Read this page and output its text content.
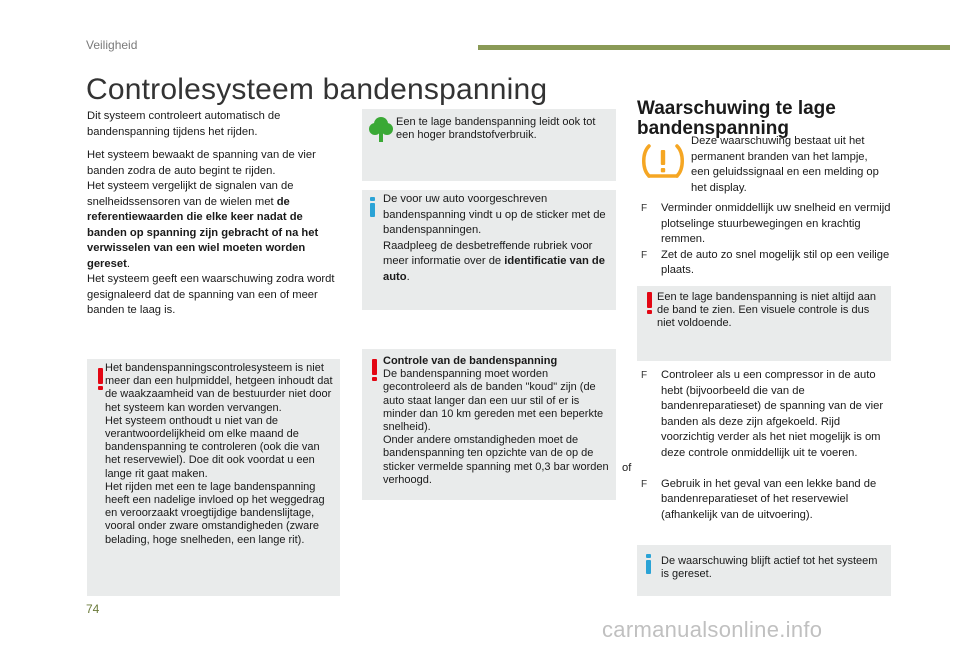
Veiligheid
Controlesysteem bandenspanning

Dit systeem controleert automatisch de bandenspanning tijdens het rijden.

Het systeem bewaakt de spanning van de vier banden zodra de auto begint te rijden.
Het systeem vergelijkt de signalen van de snelheidssensoren van de wielen met de referentiewaarden die elke keer nadat de banden op spanning zijn gebracht of na het verwisselen van een wiel moeten worden gereset.
Het systeem geeft een waarschuwing zodra wordt gesignaleerd dat de spanning van een of meer banden te laag is.

Het bandenspanningscontrolesysteem is niet meer dan een hulpmiddel, hetgeen inhoudt dat de waakzaamheid van de bestuurder niet door het systeem kan worden vervangen.

Het systeem onthoudt u niet van de verantwoordelijkheid om elke maand de bandenspanning te controleren (ook die van het reservewiel). Doe dit ook voordat u een lange rit gaat maken.

Het rijden met een te lage bandenspanning heeft een nadelige invloed op het weggedrag en veroorzaakt vroegtijdige bandenslijtage, vooral onder zware omstandigheden (zware belading, hoge snelheden, een lange rit).

Een te lage bandenspanning leidt ook tot een hoger brandstofverbruik.

De voor uw auto voorgeschreven bandenspanning vindt u op de sticker met de bandenspanningen.
Raadpleeg de desbetreffende rubriek voor meer informatie over de identificatie van de auto.

Controle van de bandenspanning

De bandenspanning moet worden gecontroleerd als de banden "koud" zijn (de auto staat langer dan een uur stil of er is minder dan 10 km gereden met een beperkte snelheid).

Onder andere omstandigheden moet de bandenspanning ten opzichte van de op de sticker vermelde spanning met 0,3 bar worden verhoogd.

Waarschuwing te lage bandenspanning

Deze waarschuwing bestaat uit het permanent branden van het lampje, een geluidssignaal en een melding op het display.

F Verminder onmiddellijk uw snelheid en vermijd plotselinge stuurbewegingen en krachtig remmen.
F Zet de auto zo snel mogelijk stil op een veilige plaats.

Een te lage bandenspanning is niet altijd aan de band te zien. Een visuele controle is dus niet voldoende.

F Controleer als u een compressor in de auto hebt (bijvoorbeeld die van de bandenreparatieset) de spanning van de vier banden als deze zijn afgekoeld. Rijd voorzichtig verder als het niet mogelijk is om deze controle onmiddellijk uit te voeren.

of

F Gebruik in het geval van een lekke band de bandenreparatieset of het reservewiel (afhankelijk van de uitvoering).

De waarschuwing blijft actief tot het systeem is gereset.

74
carmanualsonline.info
